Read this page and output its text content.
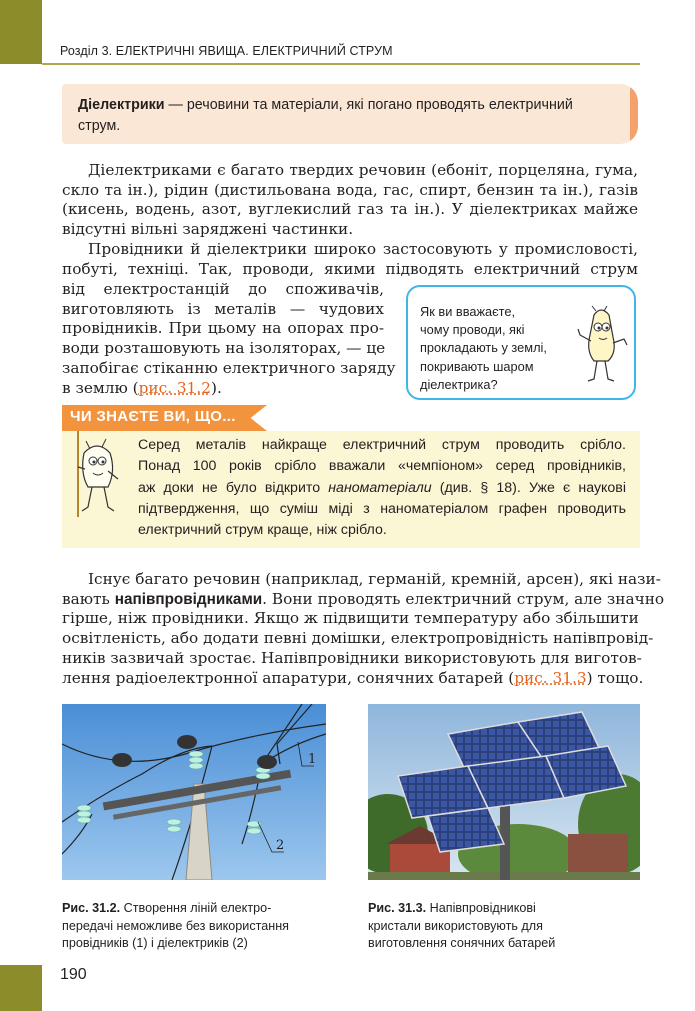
Розділ 3. ЕЛЕКТРИЧНІ ЯВИЩА. ЕЛЕКТРИЧНИЙ СТРУМ
Діелектрики — речовини та матеріали, які погано проводять електричний
струм.
Діелектриками є багато твердих речовин (ебоніт, порцеляна, гума,
скло та ін.), рідин (дистильована вода, гас, спирт, бензин та ін.), газів
(кисень, водень, азот, вуглекислий газ та ін.). У діелектриках майже
відсутні вільні заряджені частинки.
Провідники й діелектрики широко застосовують у промисловості,
побуті, техніці. Так, проводи, якими підводять електричний струм
від електростанцій до споживачів,
виготовляють із металів — чудових
провідників. При цьому на опорах про-
води розташовують на ізоляторах, — це
запобігає стіканню електричного заряду
в землю (рис. 31.2).
Як ви вважаєте,
чому проводи, які
прокладають у землі,
покривають шаром
діелектрика?
ЧИ ЗНАЄТЕ ВИ, ЩО...
Серед металів найкраще електричний струм проводить срібло.
Понад 100 років срібло вважали «чемпіоном» серед провідників,
аж доки не було відкрито наноматеріали (див. § 18). Уже є наукові
підтвердження, що суміш міді з наноматеріалом графен проводить
електричний струм краще, ніж срібло.
Існує багато речовин (наприклад, германій, кремній, арсен), які нази-
вають напівпровідниками. Вони проводять електричний струм, але значно
гірше, ніж провідники. Якщо ж підвищити температуру або збільшити
освітленість, або додати певні домішки, електропровідність напівпровід-
ників зазвичай зростає. Напівпровідники використовують для виготов-
лення радіоелектронної апаратури, сонячних батарей (рис. 31.3) тощо.
1
2
Рис. 31.2. Створення ліній електро-
передачі неможливе без використання
провідників (1) і діелектриків (2)
Рис. 31.3. Напівпровідникові
кристали використовують для
виготовлення сонячних батарей
190
